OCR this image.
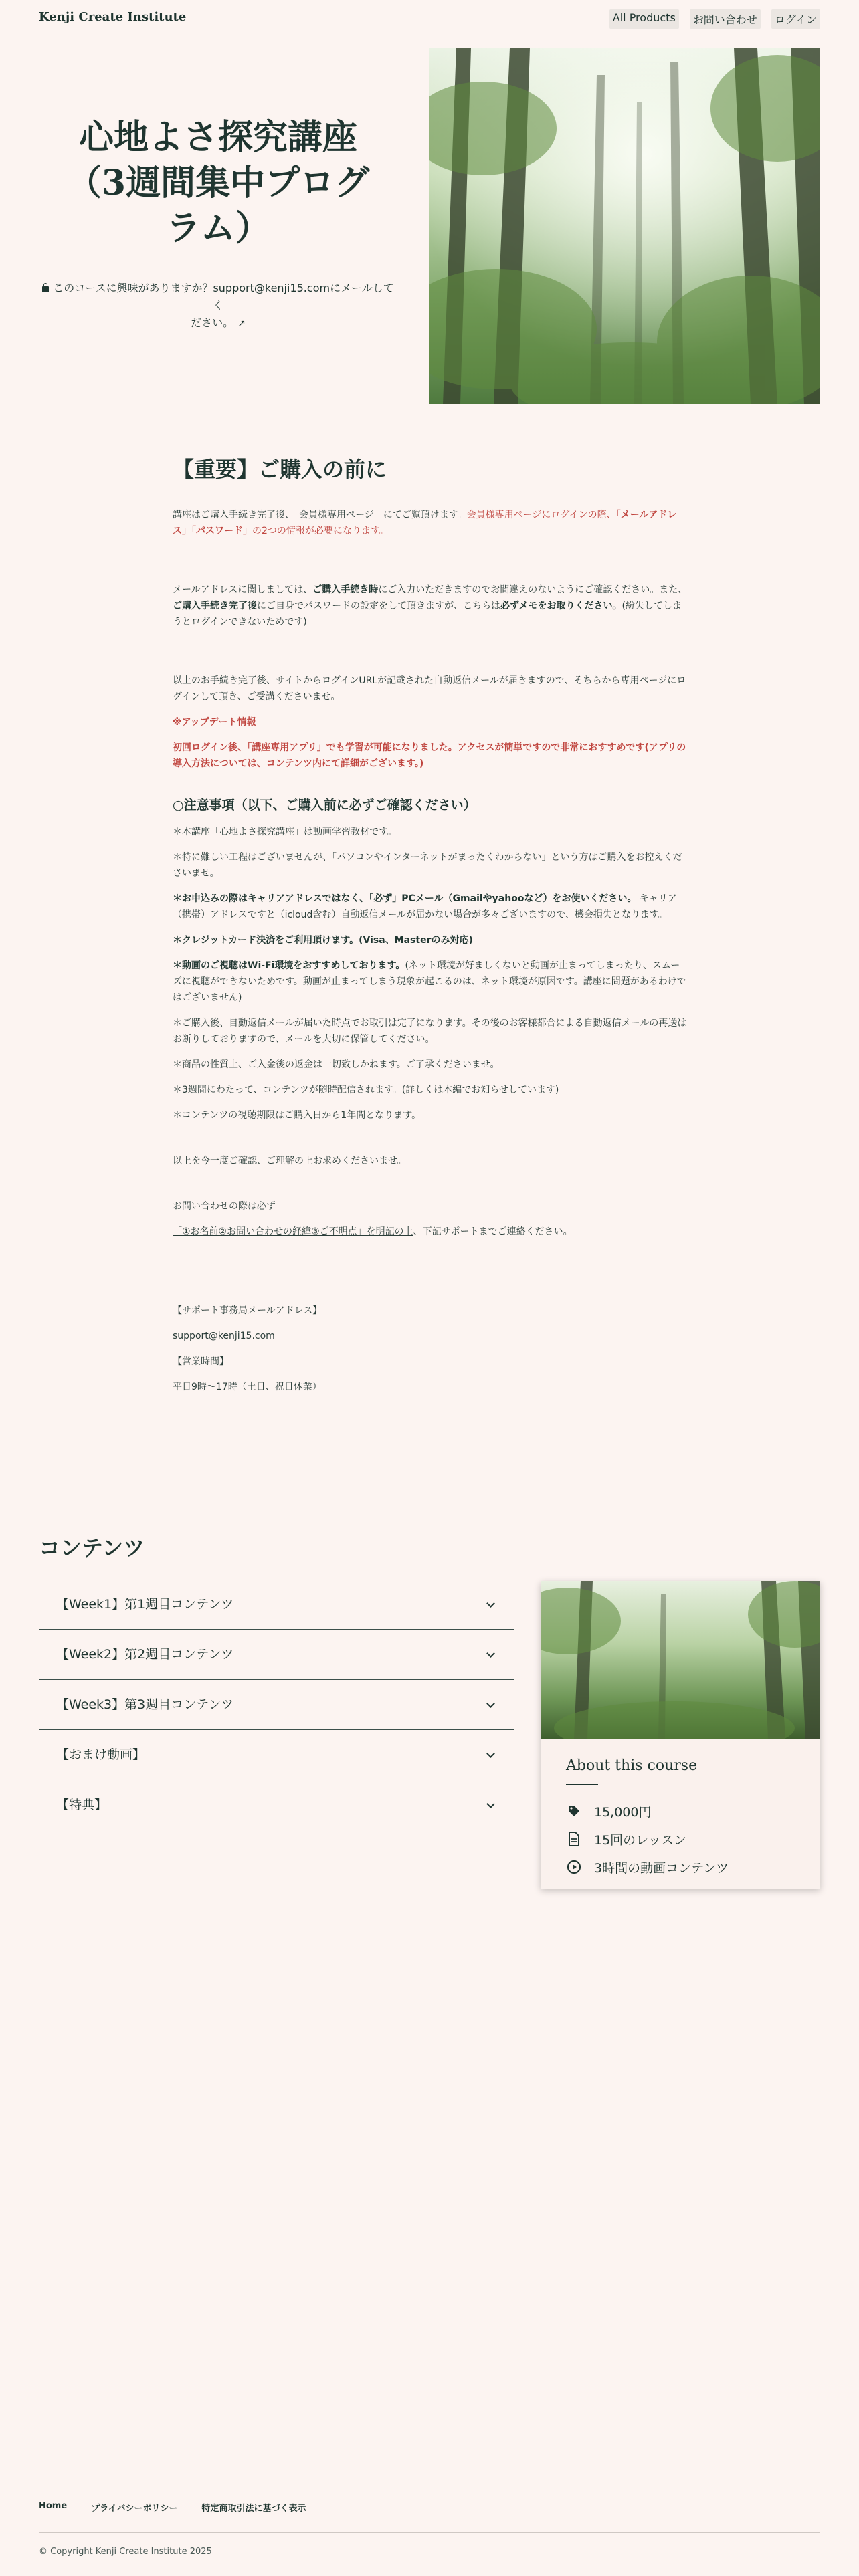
Kenji Create Institute	All Products	お問い合わせ	ログイン
心地よさ探究講座
（3週間集中プログ
ラム）
このコースに興味がありますか？support@kenji15.comにメールしてく
ださい。 ↗
【重要】ご購入の前に

講座はご購入手続き完了後、「会員様専用ページ」にてご覧頂けます。会員様専用ページにログインの際、「メールアドレス」「パスワード」の2つの情報が必要になります。

メールアドレスに関しましては、ご購入手続き時にご入力いただきますのでお間違えのないようにご確認ください。また、ご購入手続き完了後にご自身でパスワードの設定をして頂きますが、こちらは必ずメモをお取りください。(紛失してしまうとログインできないためです)

以上のお手続き完了後、サイトからログインURLが記載された自動返信メールが届きますので、そちらから専用ページにログインして頂き、ご受講くださいませ。

※アップデート情報

初回ログイン後、「講座専用アプリ」でも学習が可能になりました。アクセスが簡単ですので非常におすすめです(アプリの導入方法については、コンテンツ内にて詳細がございます。)

○注意事項（以下、ご購入前に必ずご確認ください）

＊本講座「心地よさ探究講座」は動画学習教材です。

＊特に難しい工程はございませんが、「パソコンやインターネットがまったくわからない」という方はご購入をお控えくださいませ。

＊お申込みの際はキャリアアドレスではなく、「必ず」PCメール（Gmailやyahooなど）をお使いください。 キャリア（携帯）アドレスですと（icloud含む）自動返信メールが届かない場合が多々ございますので、機会損失となります。

＊クレジットカード決済をご利用頂けます。(Visa、Masterのみ対応)

＊動画のご視聴はWi-Fi環境をおすすめしております。(ネット環境が好ましくないと動画が止まってしまったり、スムーズに視聴ができないためです。動画が止まってしまう現象が起こるのは、ネット環境が原因です。講座に問題があるわけではございません)

＊ご購入後、自動返信メールが届いた時点でお取引は完了になります。その後のお客様都合による自動返信メールの再送はお断りしておりますので、メールを大切に保管してください。

＊商品の性質上、ご入金後の返金は一切致しかねます。ご了承くださいませ。

＊3週間にわたって、コンテンツが随時配信されます。(詳しくは本編でお知らせしています)

＊コンテンツの視聴期限はご購入日から1年間となります。

以上を今一度ご確認、ご理解の上お求めくださいませ。

お問い合わせの際は必ず

「①お名前②お問い合わせの経緯③ご不明点」を明記の上、下記サポートまでご連絡ください。

【サポート事務局メールアドレス】

support@kenji15.com

【営業時間】

平日9時〜17時（土日、祝日休業）

コンテンツ
【Week1】第1週目コンテンツ
【Week2】第2週目コンテンツ
【Week3】第3週目コンテンツ
【おまけ動画】
【特典】
About this course
15,000円
15回のレッスン
3時間の動画コンテンツ
Home	プライバシーポリシー	特定商取引法に基づく表示
© Copyright Kenji Create Institute 2025
